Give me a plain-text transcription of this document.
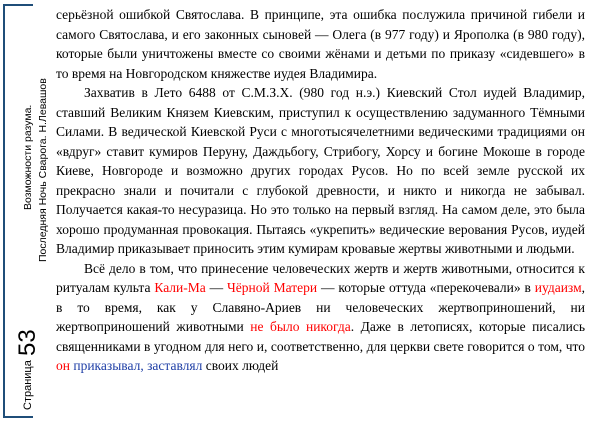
Возможности разума. Последняя Ночь Сварога. Н.Левашов
Страница
53

серьёзной ошибкой Святослава. В принципе, эта ошибка послужила причиной гибели и самого Святослава, и его законных сыновей — Олега (в 977 году) и Ярополка (в 980 году), которые были уничтожены вместе со своими жёнами и детьми по приказу «сидевшего» в то время на Новгородском княжестве иудея Владимира.

Захватив в Лето 6488 от С.М.З.Х. (980 год н.э.) Киевский Стол иудей Владимир, ставший Великим Князем Киевским, приступил к осуществлению задуманного Тёмными Силами. В ведической Киевской Руси с многотысячелетними ведическими традициями он «вдруг» ставит кумиров Перуну, Даждьбогу, Стрибогу, Хорсу и богине Мокоше в городе Киеве, Новгороде и возможно других городах Русов. Но по всей земле русской их прекрасно знали и почитали с глубокой древности, и никто и никогда не забывал. Получается какая-то несуразица. Но это только на первый взгляд. На самом деле, это была хорошо продуманная провокация. Пытаясь «укрепить» ведические верования Русов, иудей Владимир приказывает приносить этим кумирам кровавые жертвы животными и людьми.

Всё дело в том, что принесение человеческих жертв и жертв животными, относится к ритуалам культа Кали-Ма — Чёрной Матери — которые оттуда «перекочевали» в иудаизм, в то время, как у Славяно-Ариев ни человеческих жертвоприношений, ни жертвоприношений животными не было никогда. Даже в летописях, которые писались священниками в угодном для него и, соответственно, для церкви свете говорится о том, что он приказывал, заставлял своих людей
